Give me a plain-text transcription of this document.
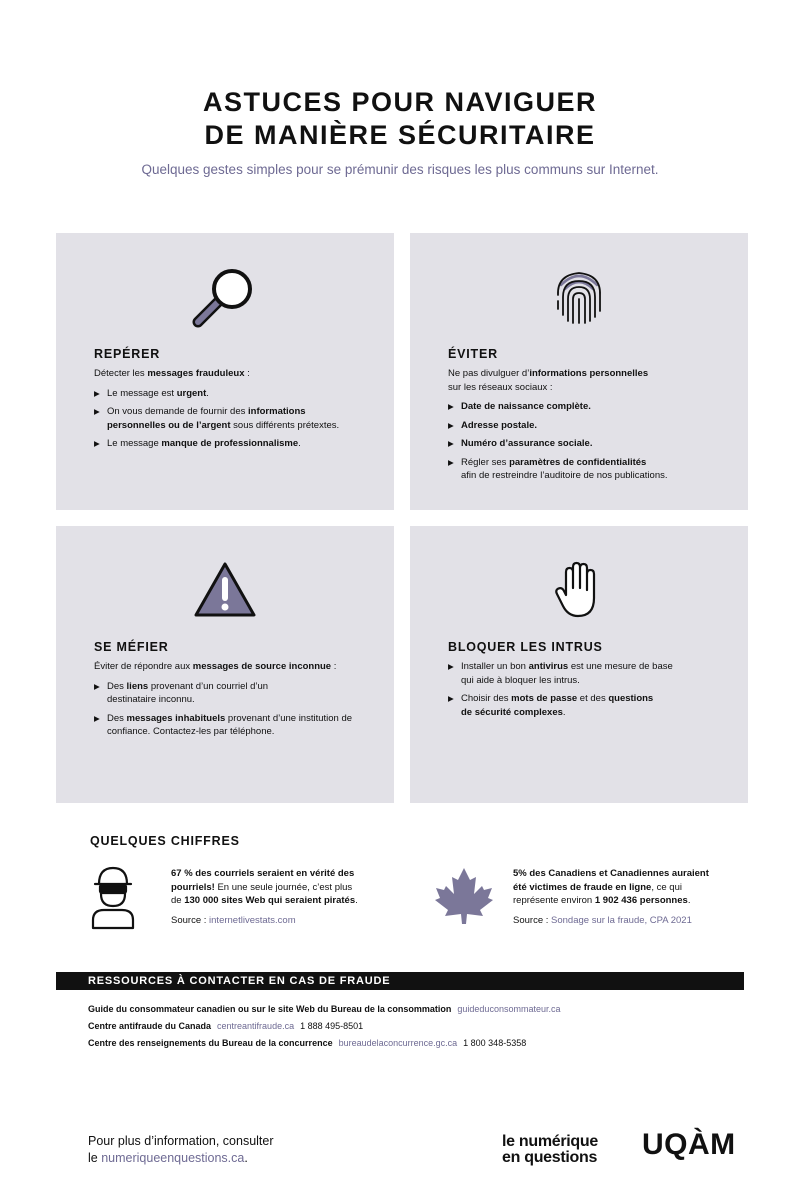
ASTUCES POUR NAVIGUER
DE MANIÈRE SÉCURITAIRE
Quelques gestes simples pour se prémunir des risques les plus communs sur Internet.
REPÉRER
Détecter les messages frauduleux :
▶ Le message est urgent.
▶ On vous demande de fournir des informations
personnelles ou de l’argent sous différents prétextes.
▶ Le message manque de professionnalisme.
ÉVITER
Ne pas divulguer d’informations personnelles
sur les réseaux sociaux :
▶ Date de naissance complète.
▶ Adresse postale.
▶ Numéro d’assurance sociale.
▶ Régler ses paramètres de confidentialités
afin de restreindre l’auditoire de nos publications.
SE MÉFIER
Éviter de répondre aux messages de source inconnue :
▶ Des liens provenant d’un courriel d’un
destinataire inconnu.
▶ Des messages inhabituels provenant d’une institution de
confiance. Contactez-les par téléphone.
BLOQUER LES INTRUS
▶ Installer un bon antivirus est une mesure de base
qui aide à bloquer les intrus.
▶ Choisir des mots de passe et des questions
de sécurité complexes.
QUELQUES CHIFFRES
67 % des courriels seraient en vérité des
pourriels! En une seule journée, c’est plus
de 130 000 sites Web qui seraient piratés.
Source : internetlivestats.com
5% des Canadiens et Canadiennes auraient
été victimes de fraude en ligne, ce qui
représente environ 1 902 436 personnes.
Source : Sondage sur la fraude, CPA 2021
RESSOURCES À CONTACTER EN CAS DE FRAUDE
Guide du consommateur canadien ou sur le site Web du Bureau de la consommation guideduconsommateur.ca
Centre antifraude du Canada centreantifraude.ca 1 888 495-8501
Centre des renseignements du Bureau de la concurrence bureaudelaconcurrence.gc.ca 1 800 348-5358
Pour plus d’information, consulter
le numeriqueenquestions.ca.
le numérique
en questions UQÀM
